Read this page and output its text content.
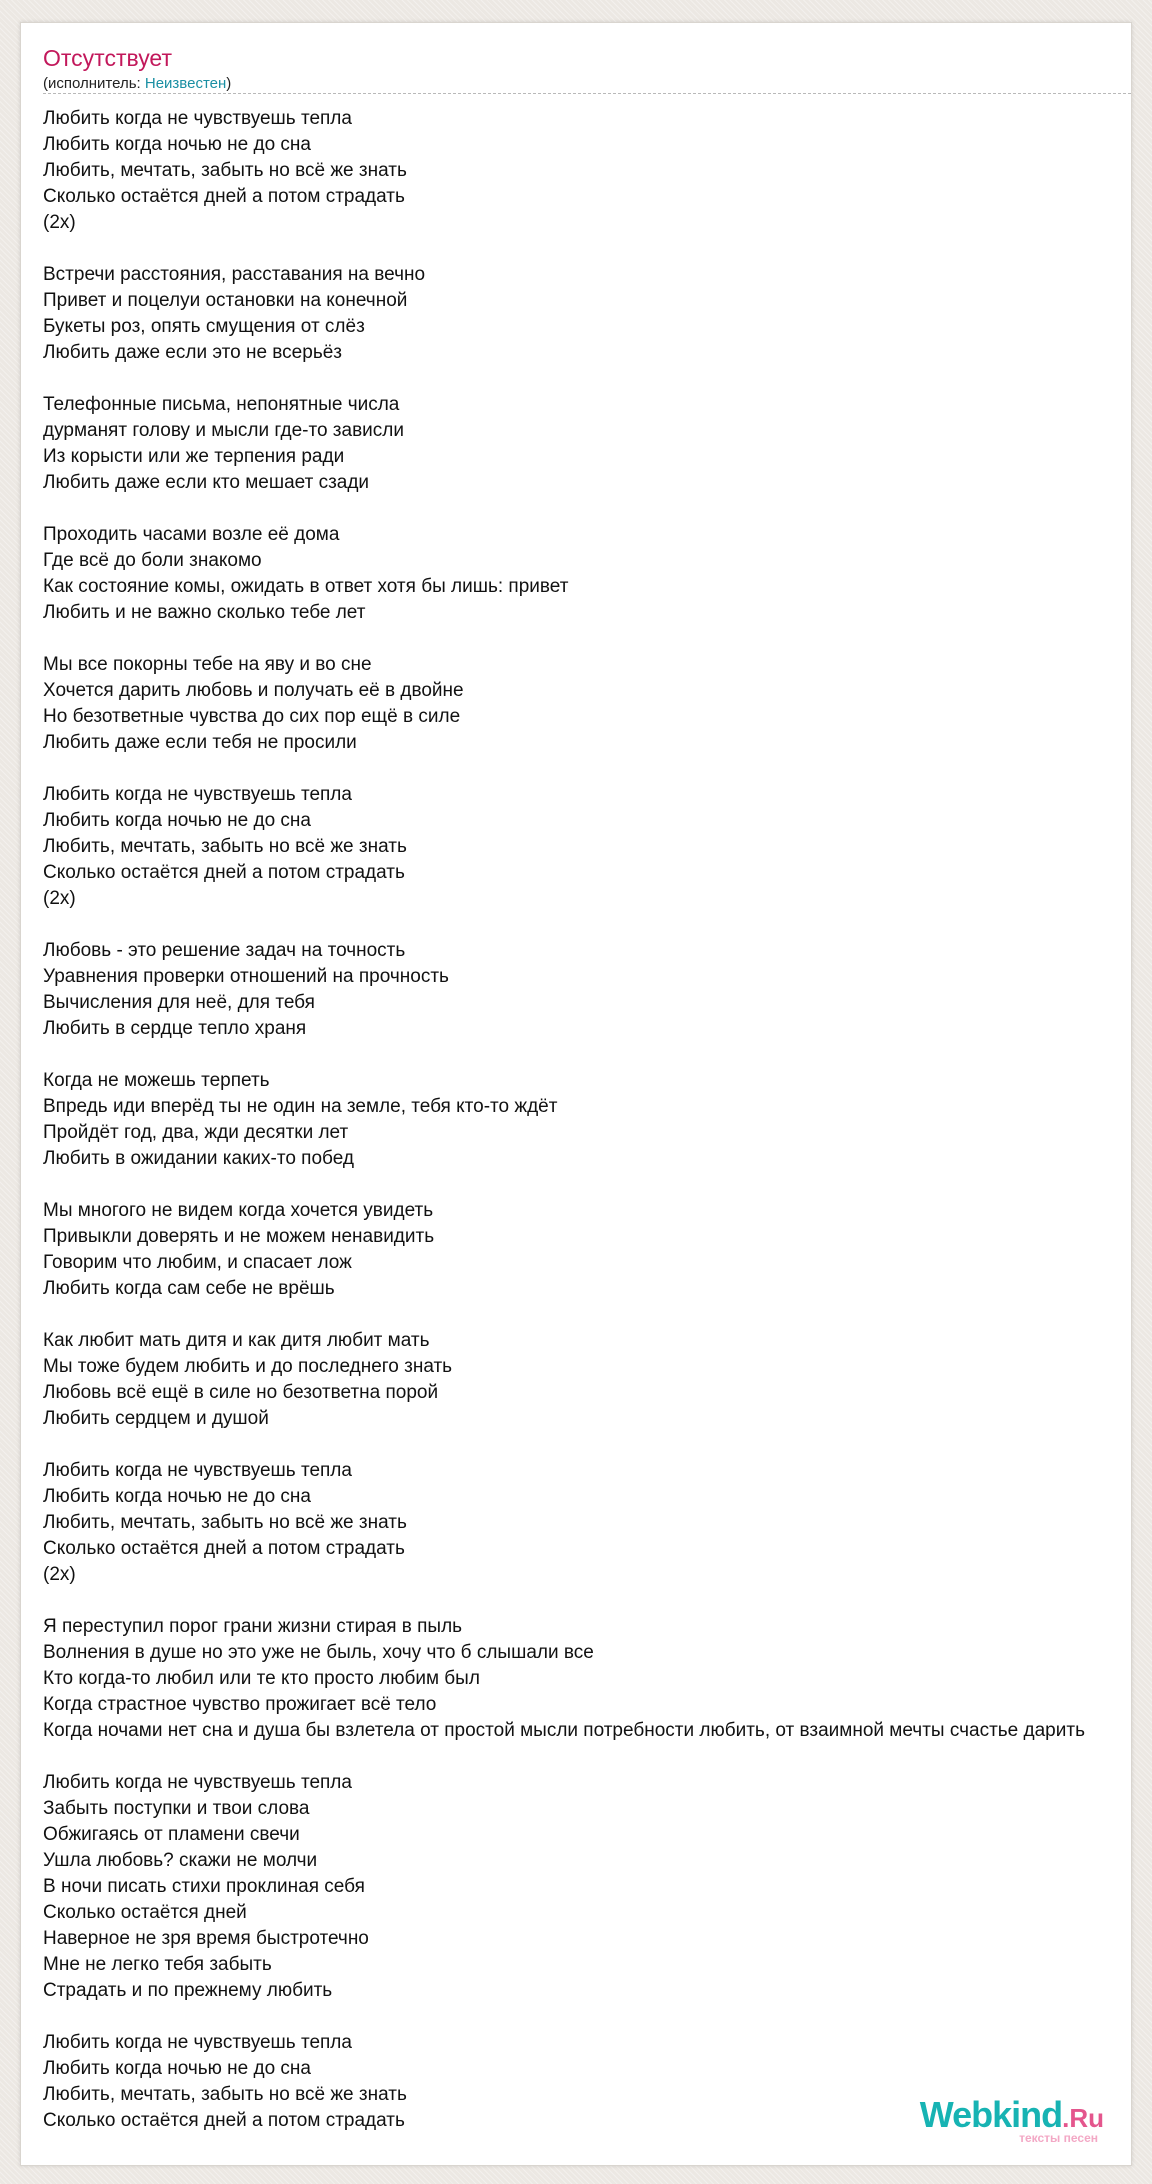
Отсутствует
(исполнитель: Неизвестен)
Любить когда не чувствуешь тепла
Любить когда ночью не до сна
Любить, мечтать, забыть но всё же знать
Сколько остаётся дней а потом страдать
(2х)
Встречи расстояния, расставания на вечно
Привет и поцелуи остановки на конечной
Букеты роз, опять смущения от слёз
Любить даже если это не всерьёз
Телефонные письма, непонятные числа
дурманят голову и мысли где-то зависли
Из корысти или же терпения ради
Любить даже если кто мешает сзади
Проходить часами возле её дома
Где всё до боли знакомо
Как состояние комы, ожидать в ответ хотя бы лишь: привет
Любить и не важно сколько тебе лет
Мы все покорны тебе на яву и во сне
Хочется дарить любовь и получать её в двойне
Но безответные чувства до сих пор ещё в силе
Любить даже если тебя не просили
Любить когда не чувствуешь тепла
Любить когда ночью не до сна
Любить, мечтать, забыть но всё же знать
Сколько остаётся дней а потом страдать
(2х)
Любовь - это решение задач на точность
Уравнения проверки отношений на прочность
Вычисления для неё, для тебя
Любить в сердце тепло храня
Когда не можешь терпеть
Впредь иди вперёд ты не один на земле, тебя кто-то ждёт
Пройдёт год, два, жди десятки лет
Любить в ожидании каких-то побед
Мы многого не видем когда хочется увидеть
Привыкли доверять и не можем ненавидить
Говорим что любим, и спасает лож
Любить когда сам себе не врёшь
Как любит мать дитя и как дитя любит мать
Мы тоже будем любить и до последнего знать
Любовь всё ещё в силе но безответна порой
Любить сердцем и душой
Любить когда не чувствуешь тепла
Любить когда ночью не до сна
Любить, мечтать, забыть но всё же знать
Сколько остаётся дней а потом страдать
(2х)
Я переступил порог грани жизни стирая в пыль
Волнения в душе но это уже не быль, хочу что б слышали все
Кто когда-то любил или те кто просто любим был
Когда страстное чувство прожигает всё тело
Когда ночами нет сна и душа бы взлетела от простой мысли потребности любить, от взаимной мечты счастье дарить
Любить когда не чувствуешь тепла
Забыть поступки и твои слова
Обжигаясь от пламени свечи
Ушла любовь? скажи не молчи
В ночи писать стихи проклиная себя
Сколько остаётся дней
Наверное не зря время быстротечно
Мне не легко тебя забыть
Страдать и по прежнему любить
Любить когда не чувствуешь тепла
Любить когда ночью не до сна
Любить, мечтать, забыть но всё же знать
Сколько остаётся дней а потом страдать	Webkind.Ru
тексты песен
